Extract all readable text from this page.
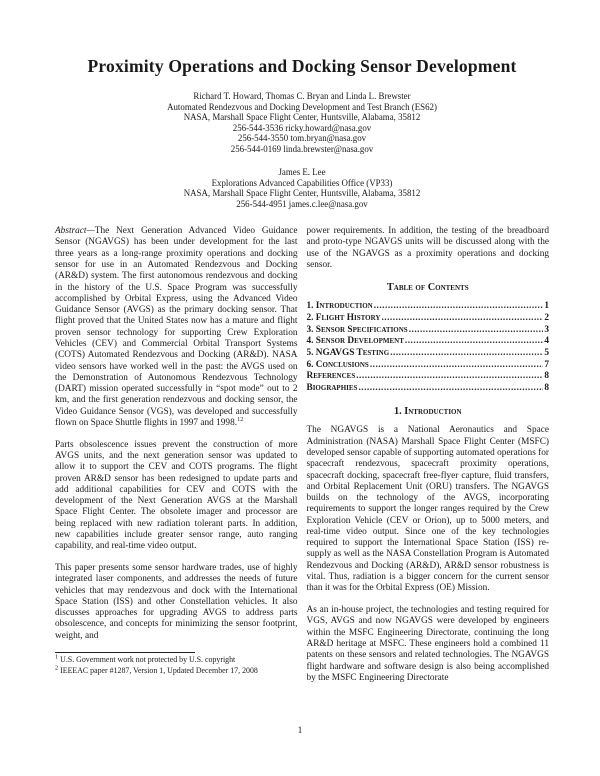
Proximity Operations and Docking Sensor Development
Richard T. Howard, Thomas C. Bryan and Linda L. Brewster
Automated Rendezvous and Docking Development and Test Branch (ES62)
NASA, Marshall Space Flight Center, Huntsville, Alabama, 35812
256-544-3536 ricky.howard@nasa.gov
256-544-3550 tom.bryan@nasa.gov
256-544-0169 linda.brewster@nasa.gov
James E. Lee
Explorations Advanced Capabilities Office (VP33)
NASA, Marshall Space Flight Center, Huntsville, Alabama, 35812
256-544-4951 james.c.lee@nasa.gov

Abstract—The Next Generation Advanced Video Guidance Sensor (NGAVGS) has been under development for the last three years as a long-range proximity operations and docking sensor for use in an Automated Rendezvous and Docking (AR&D) system. The first autonomous rendezvous and docking in the history of the U.S. Space Program was successfully accomplished by Orbital Express, using the Advanced Video Guidance Sensor (AVGS) as the primary docking sensor. That flight proved that the United States now has a mature and flight proven sensor technology for supporting Crew Exploration Vehicles (CEV) and Commercial Orbital Transport Systems (COTS) Automated Rendezvous and Docking (AR&D). NASA video sensors have worked well in the past: the AVGS used on the Demonstration of Autonomous Rendezvous Technology (DART) mission operated successfully in “spot mode” out to 2 km, and the first generation rendezvous and docking sensor, the Video Guidance Sensor (VGS), was developed and successfully flown on Space Shuttle flights in 1997 and 1998.12

Parts obsolescence issues prevent the construction of more AVGS units, and the next generation sensor was updated to allow it to support the CEV and COTS programs. The flight proven AR&D sensor has been redesigned to update parts and add additional capabilities for CEV and COTS with the development of the Next Generation AVGS at the Marshall Space Flight Center. The obsolete imager and processor are being replaced with new radiation tolerant parts. In addition, new capabilities include greater sensor range, auto ranging capability, and real-time video output.

This paper presents some sensor hardware trades, use of highly integrated laser components, and addresses the needs of future vehicles that may rendezvous and dock with the International Space Station (ISS) and other Constellation vehicles. It also discusses approaches for upgrading AVGS to address parts obsolescence, and concepts for minimizing the sensor footprint, weight, and

$^1$ U.S. Government work not protected by U.S. copyright
$^2$ IEEEAC paper #1287, Version 1, Updated December 17, 2008

power requirements. In addition, the testing of the breadboard and proto-type NGAVGS units will be discussed along with the use of the NGAVGS as a proximity operations and docking sensor.

Table of Contents
1. Introduction .....	1
2. Flight History .....	2
3. Sensor Specifications .....	3
4. Sensor Development .....	4
5. NGAVGS Testing .....	5
6. Conclusions .....	7
References .....	8
Biographies .....	8
1. Introduction

The NGAVGS is a National Aeronautics and Space Administration (NASA) Marshall Space Flight Center (MSFC) developed sensor capable of supporting automated operations for spacecraft rendezvous, spacecraft proximity operations, spacecraft docking, spacecraft free-flyer capture, fluid transfers, and Orbital Replacement Unit (ORU) transfers. The NGAVGS builds on the technology of the AVGS, incorporating requirements to support the longer ranges required by the Crew Exploration Vehicle (CEV or Orion), up to 5000 meters, and real-time video output. Since one of the key technologies required to support the International Space Station (ISS) re-supply as well as the NASA Constellation Program is Automated Rendezvous and Docking (AR&D), AR&D sensor robustness is vital. Thus, radiation is a bigger concern for the current sensor than it was for the Orbital Express (OE) Mission.

As an in-house project, the technologies and testing required for VGS, AVGS and now NGAVGS were developed by engineers within the MSFC Engineering Directorate, continuing the long AR&D heritage at MSFC. These engineers hold a combined 11 patents on these sensors and related technologies. The NGAVGS flight hardware and software design is also being accomplished by the MSFC Engineering Directorate

1
